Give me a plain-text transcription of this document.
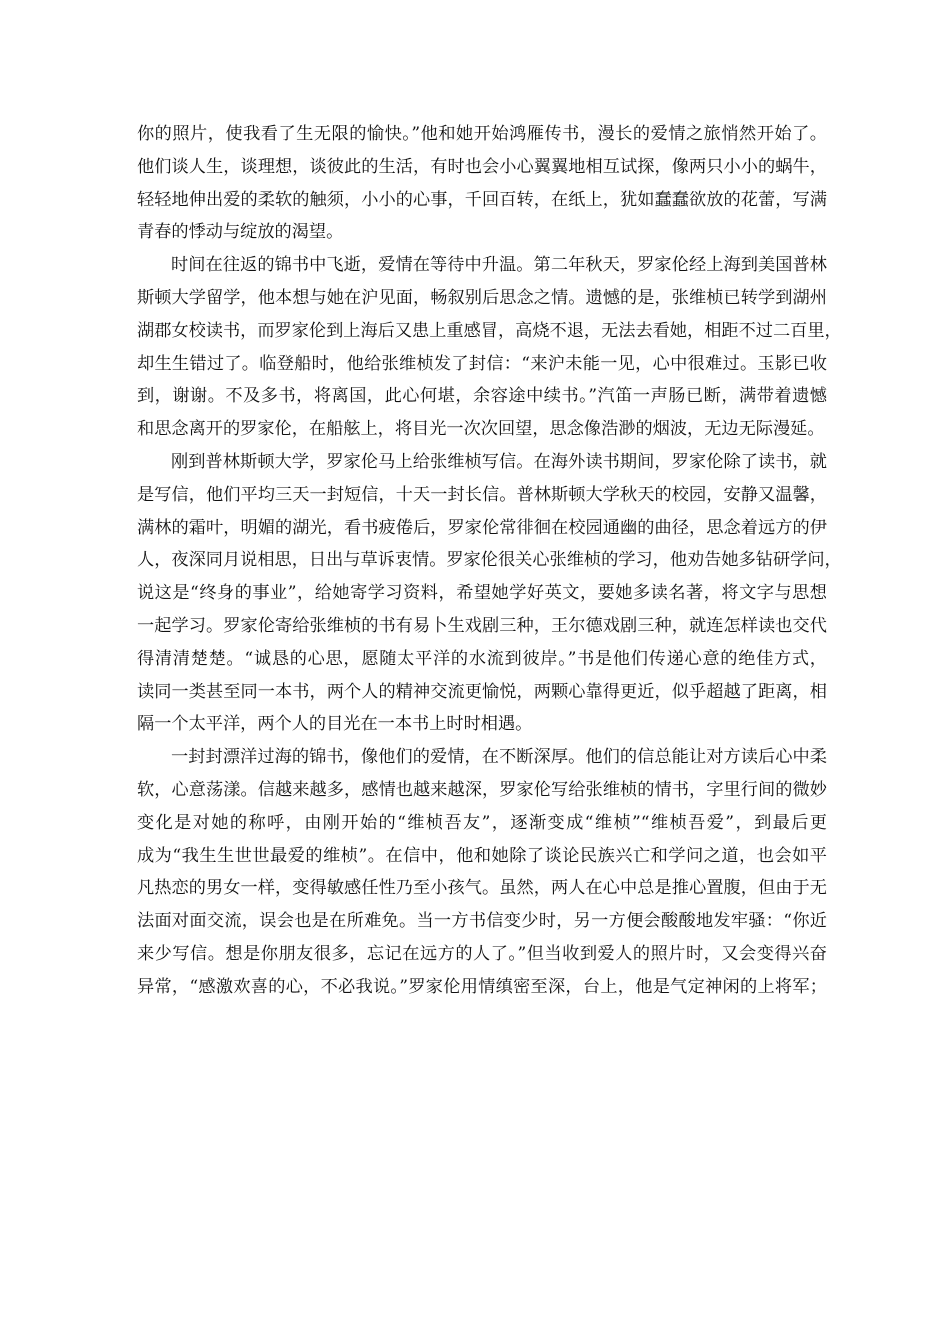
你的照片，使我看了生无限的愉快。”他和她开始鸿雁传书，漫长的爱情之旅悄然开始了。
他们谈人生，谈理想，谈彼此的生活，有时也会小心翼翼地相互试探，像两只小小的蜗牛，
轻轻地伸出爱的柔软的触须，小小的心事，千回百转，在纸上，犹如蠢蠢欲放的花蕾，写满
青春的悸动与绽放的渴望。
时间在往返的锦书中飞逝，爱情在等待中升温。第二年秋天，罗家伦经上海到美国普林
斯顿大学留学，他本想与她在沪见面，畅叙别后思念之情。遗憾的是，张维桢已转学到湖州
湖郡女校读书，而罗家伦到上海后又患上重感冒，高烧不退，无法去看她，相距不过二百里，
却生生错过了。临登船时，他给张维桢发了封信：“来沪未能一见，心中很难过。玉影已收
到，谢谢。不及多书，将离国，此心何堪，余容途中续书。”汽笛一声肠已断，满带着遗憾
和思念离开的罗家伦，在船舷上，将目光一次次回望，思念像浩渺的烟波，无边无际漫延。
刚到普林斯顿大学，罗家伦马上给张维桢写信。在海外读书期间，罗家伦除了读书，就
是写信，他们平均三天一封短信，十天一封长信。普林斯顿大学秋天的校园，安静又温馨，
满林的霜叶，明媚的湖光，看书疲倦后，罗家伦常徘徊在校园通幽的曲径，思念着远方的伊
人，夜深同月说相思，日出与草诉衷情。罗家伦很关心张维桢的学习，他劝告她多钻研学问，
说这是“终身的事业”，给她寄学习资料，希望她学好英文，要她多读名著，将文字与思想
一起学习。罗家伦寄给张维桢的书有易卜生戏剧三种，王尔德戏剧三种，就连怎样读也交代
得清清楚楚。“诚恳的心思，愿随太平洋的水流到彼岸。”书是他们传递心意的绝佳方式，
读同一类甚至同一本书，两个人的精神交流更愉悦，两颗心靠得更近，似乎超越了距离，相
隔一个太平洋，两个人的目光在一本书上时时相遇。
一封封漂洋过海的锦书，像他们的爱情，在不断深厚。他们的信总能让对方读后心中柔
软，心意荡漾。信越来越多，感情也越来越深，罗家伦写给张维桢的情书，字里行间的微妙
变化是对她的称呼，由刚开始的“维桢吾友”，逐渐变成“维桢”“维桢吾爱”，到最后更
成为“我生生世世最爱的维桢”。在信中，他和她除了谈论民族兴亡和学问之道，也会如平
凡热恋的男女一样，变得敏感任性乃至小孩气。虽然，两人在心中总是推心置腹，但由于无
法面对面交流，误会也是在所难免。当一方书信变少时，另一方便会酸酸地发牢骚：“你近
来少写信。想是你朋友很多，忘记在远方的人了。”但当收到爱人的照片时，又会变得兴奋
异常，“感激欢喜的心，不必我说。”罗家伦用情缜密至深，台上，他是气定神闲的上将军；
